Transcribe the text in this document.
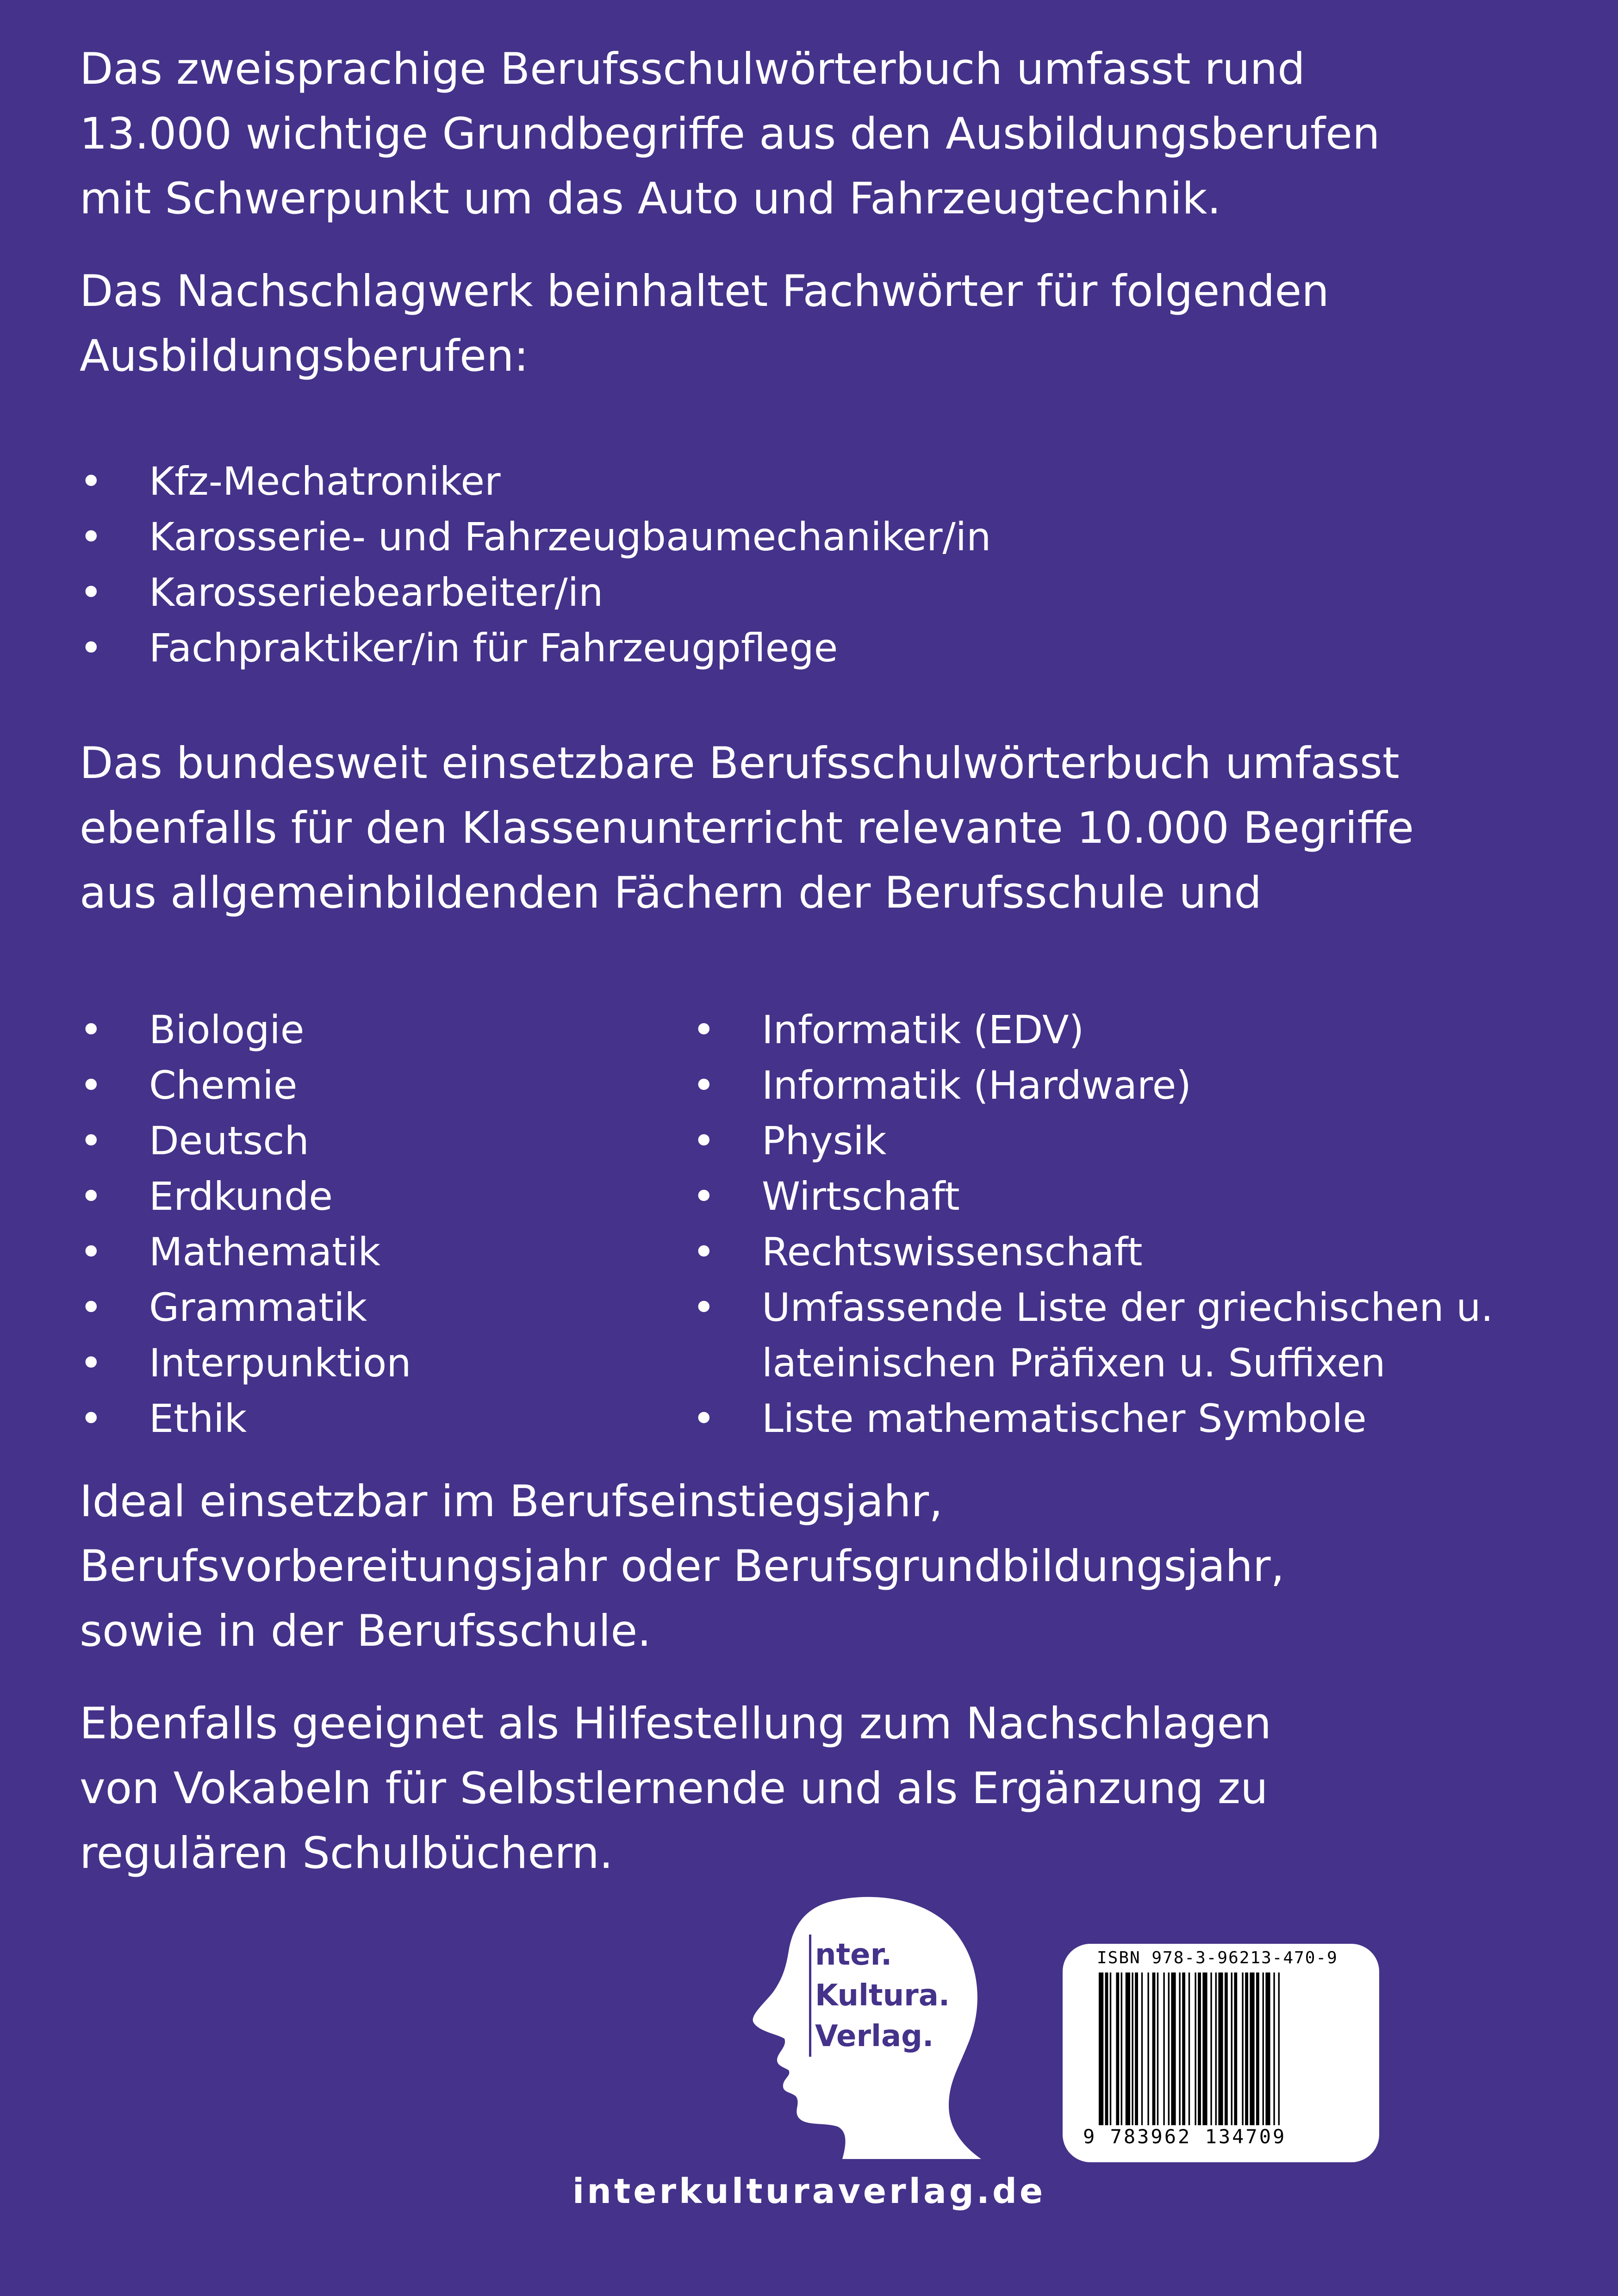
Das zweisprachige Berufsschulwörterbuch umfasst rund
13.000 wichtige Grundbegriffe aus den Ausbildungsberufen
mit Schwerpunkt um das Auto und Fahrzeugtechnik.

Das Nachschlagwerk beinhaltet Fachwörter für folgenden
Ausbildungsberufen:

• Kfz-Mechatroniker
• Karosserie- und Fahrzeugbaumechaniker/in
• Karosseriebearbeiter/in
• Fachpraktiker/in für Fahrzeugpflege

Das bundesweit einsetzbare Berufsschulwörterbuch umfasst
ebenfalls für den Klassenunterricht relevante 10.000 Begriffe
aus allgemeinbildenden Fächern der Berufsschule und

• Biologie
• Chemie
• Deutsch
• Erdkunde
• Mathematik
• Grammatik
• Interpunktion
• Ethik
• Informatik (EDV)
• Informatik (Hardware)
• Physik
• Wirtschaft
• Rechtswissenschaft
• Umfassende Liste der griechischen u.
lateinischen Präfixen u. Suffixen
• Liste mathematischer Symbole

Ideal einsetzbar im Berufseinstiegsjahr,
Berufsvorbereitungsjahr oder Berufsgrundbildungsjahr,
sowie in der Berufsschule.

Ebenfalls geeignet als Hilfestellung zum Nachschlagen
von Vokabeln für Selbstlernende und als Ergänzung zu
regulären Schulbüchern.

nter.
Kultura.
Verlag.
ISBN 978-3-96213-470-9
9 783962 134709
interkulturaverlag.de
